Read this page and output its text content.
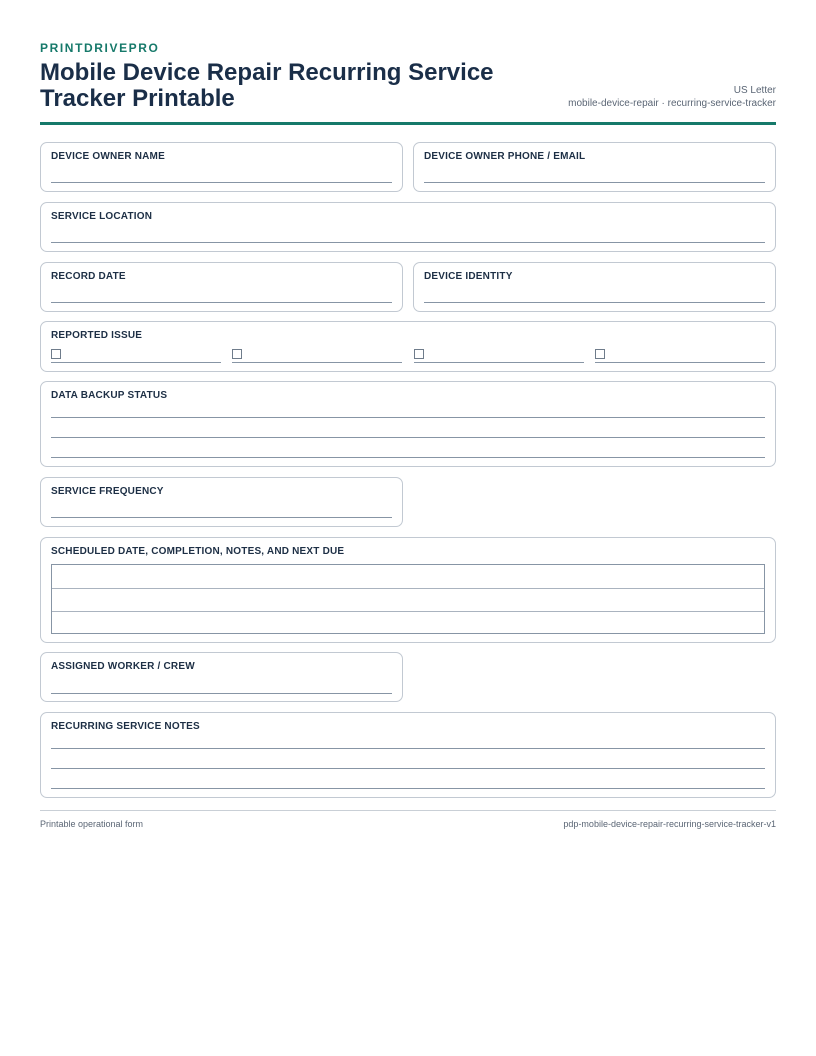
PRINTDRIVEPRO
Mobile Device Repair Recurring Service Tracker Printable	US Letter
mobile-device-repair · recurring-service-tracker
DEVICE OWNER NAME	DEVICE OWNER PHONE / EMAIL
SERVICE LOCATION
RECORD DATE	DEVICE IDENTITY
REPORTED ISSUE
DATA BACKUP STATUS
SERVICE FREQUENCY
SCHEDULED DATE, COMPLETION, NOTES, AND NEXT DUE
ASSIGNED WORKER / CREW
RECURRING SERVICE NOTES
Printable operational form	pdp-mobile-device-repair-recurring-service-tracker-v1
